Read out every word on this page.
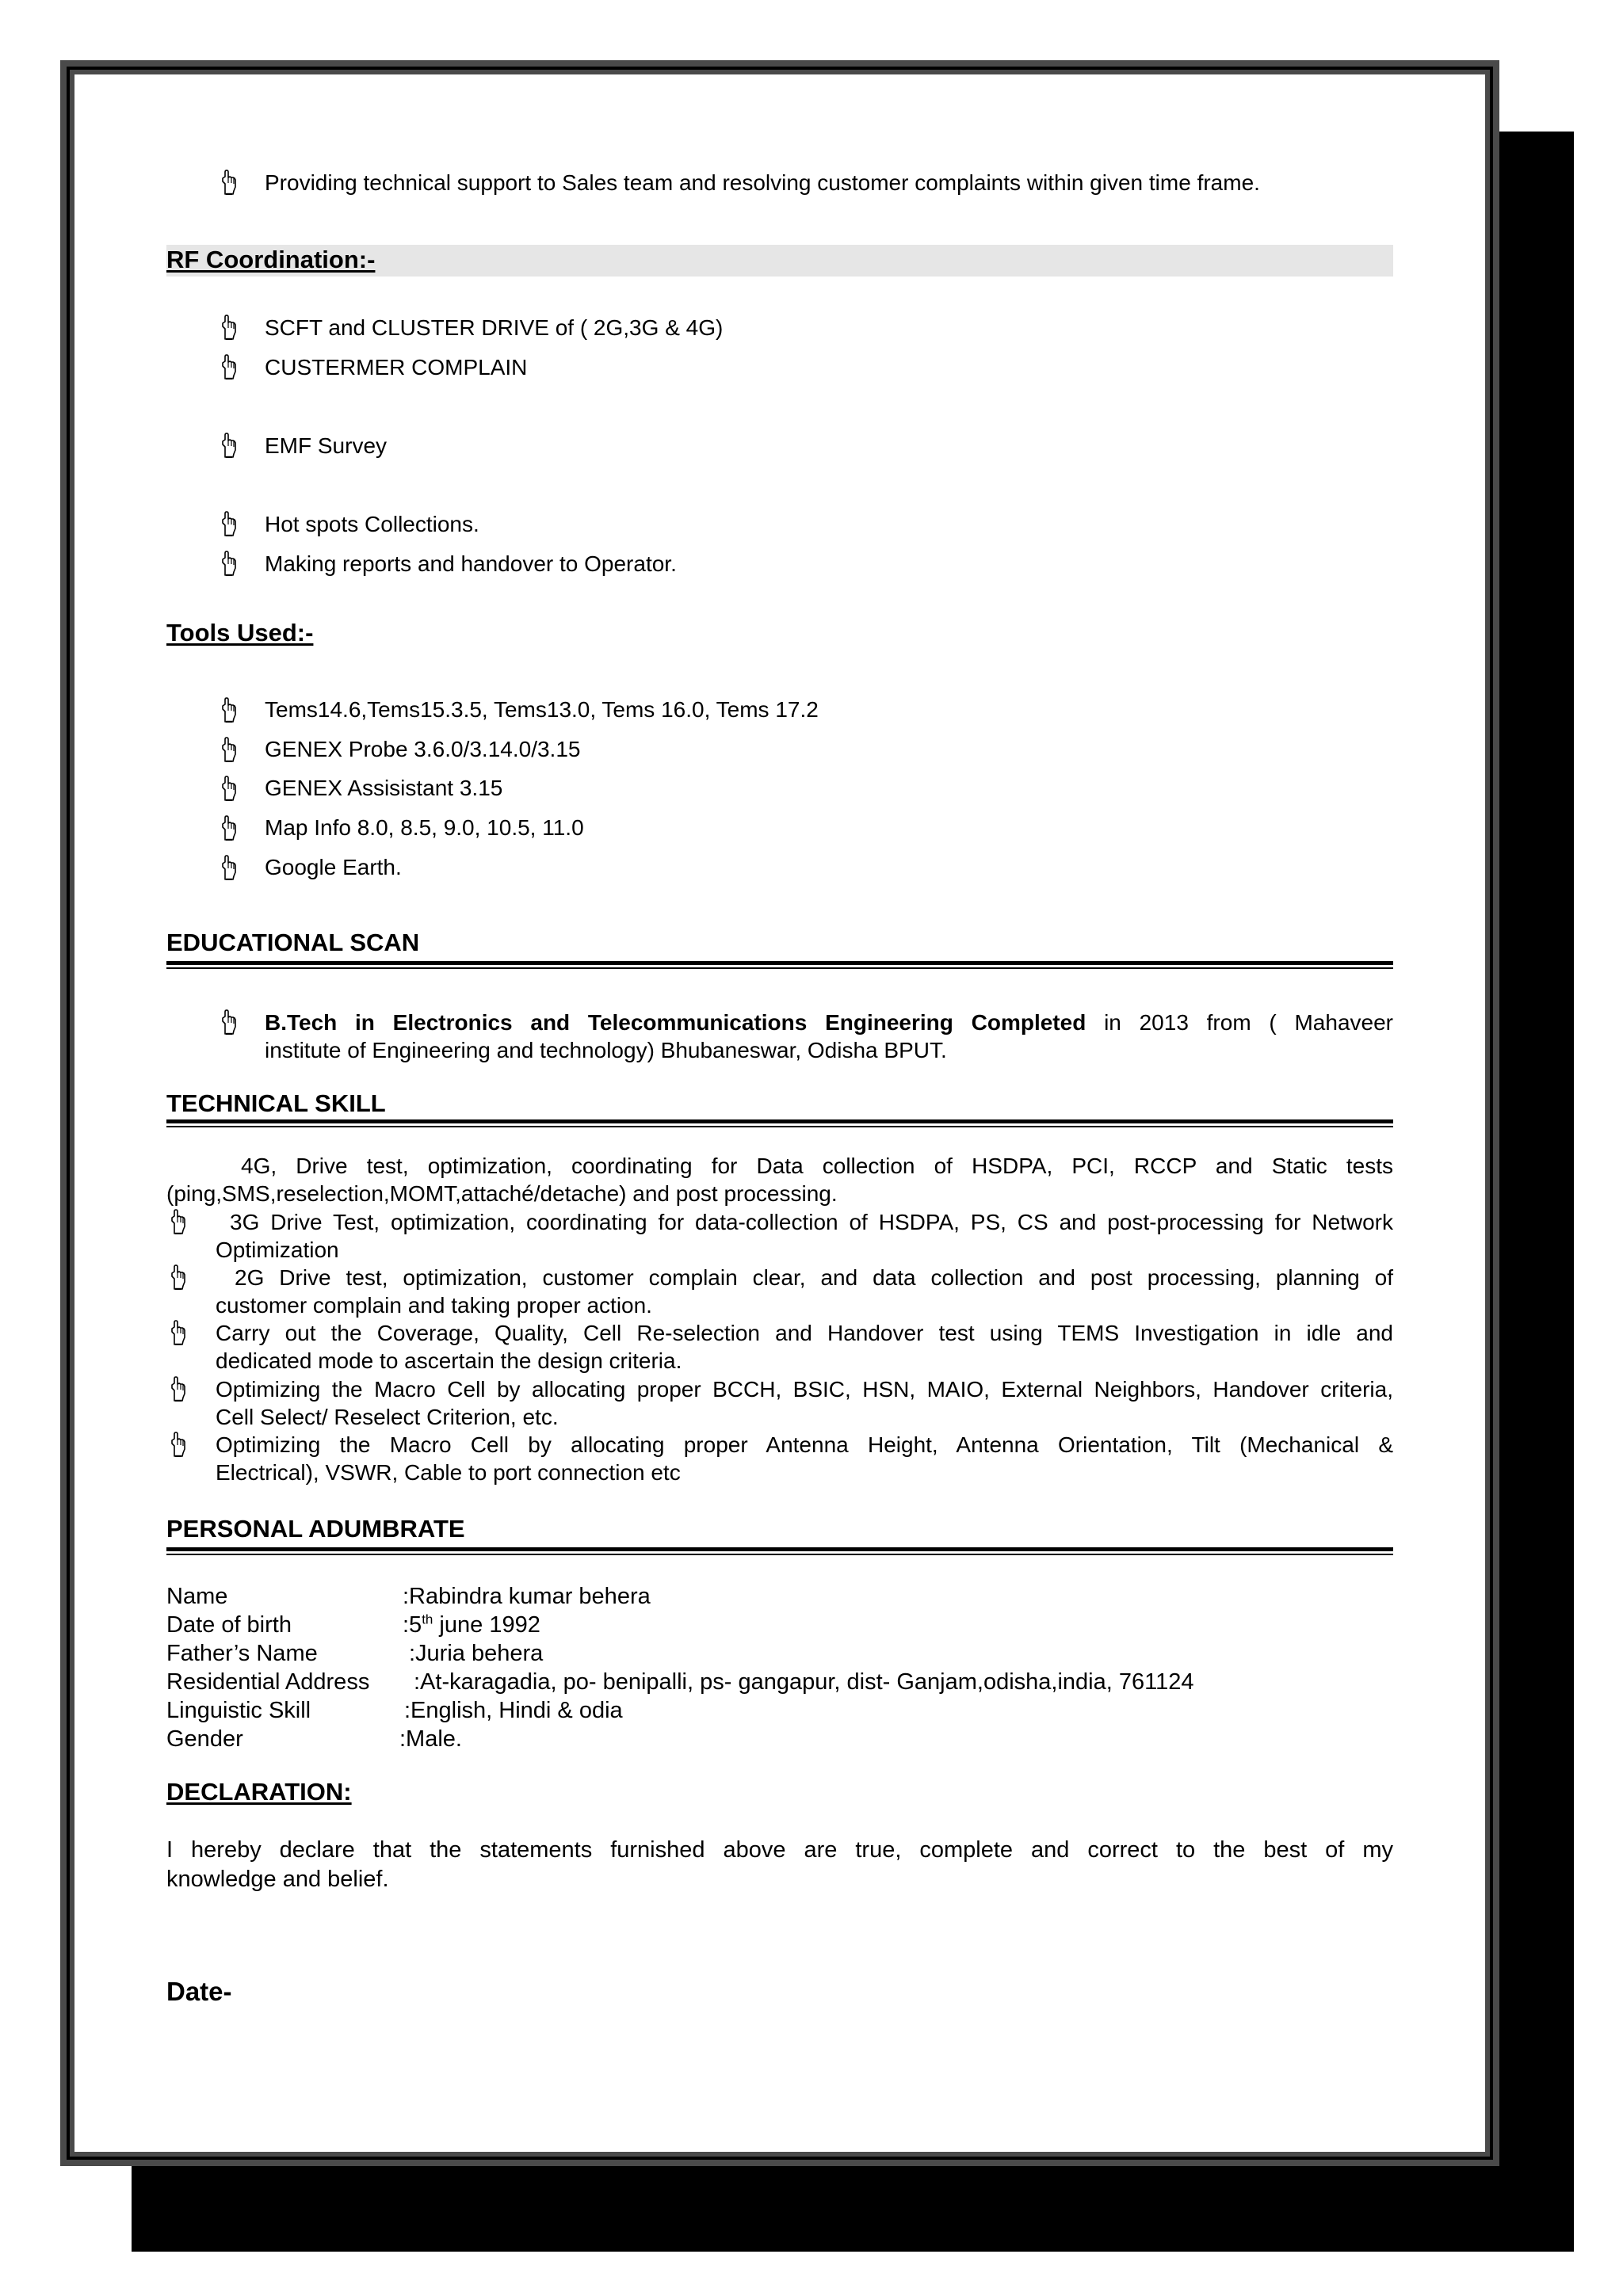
Providing technical support to Sales team and resolving customer complaints within given time frame.
RF Coordination:-
SCFT and CLUSTER DRIVE of ( 2G,3G & 4G)
CUSTERMER COMPLAIN
EMF Survey
Hot spots Collections.
Making reports and handover to Operator.
Tools Used:-
Tems14.6,Tems15.3.5, Tems13.0, Tems 16.0, Tems 17.2
GENEX Probe 3.6.0/3.14.0/3.15
GENEX Assisistant 3.15
Map Info 8.0, 8.5, 9.0, 10.5, 11.0
Google Earth.
EDUCATIONAL SCAN
B.Tech in Electronics and Telecommunications Engineering Completed in 2013 from ( Mahaveer
institute of Engineering and technology) Bhubaneswar, Odisha BPUT.
TECHNICAL SKILL
4G, Drive test, optimization, coordinating for Data collection of HSDPA, PCI, RCCP and Static tests
(ping,SMS,reselection,MOMT,attaché/detache) and post processing.
3G Drive Test, optimization, coordinating for data-collection of HSDPA, PS, CS and post-processing for Network
Optimization
2G Drive test, optimization, customer complain clear, and data collection and post processing, planning of
customer complain and taking proper action.
Carry out the Coverage, Quality, Cell Re-selection and Handover test using TEMS Investigation in idle and
dedicated mode to ascertain the design criteria.
Optimizing the Macro Cell by allocating proper BCCH, BSIC, HSN, MAIO, External Neighbors, Handover criteria,
Cell Select/ Reselect Criterion, etc.
Optimizing the Macro Cell by allocating proper Antenna Height, Antenna Orientation, Tilt (Mechanical &
Electrical), VSWR, Cable to port connection etc
PERSONAL ADUMBRATE
Name	:Rabindra kumar behera
Date of birth	:5th june 1992
Father’s Name	:Juria behera
Residential Address :At-karagadia, po- benipalli, ps- gangapur, dist- Ganjam,odisha,india, 761124
Linguistic Skill	:English, Hindi & odia
Gender	:Male.
DECLARATION:
I hereby declare that the statements furnished above are true, complete and correct to the best of my
knowledge and belief.
Date-
